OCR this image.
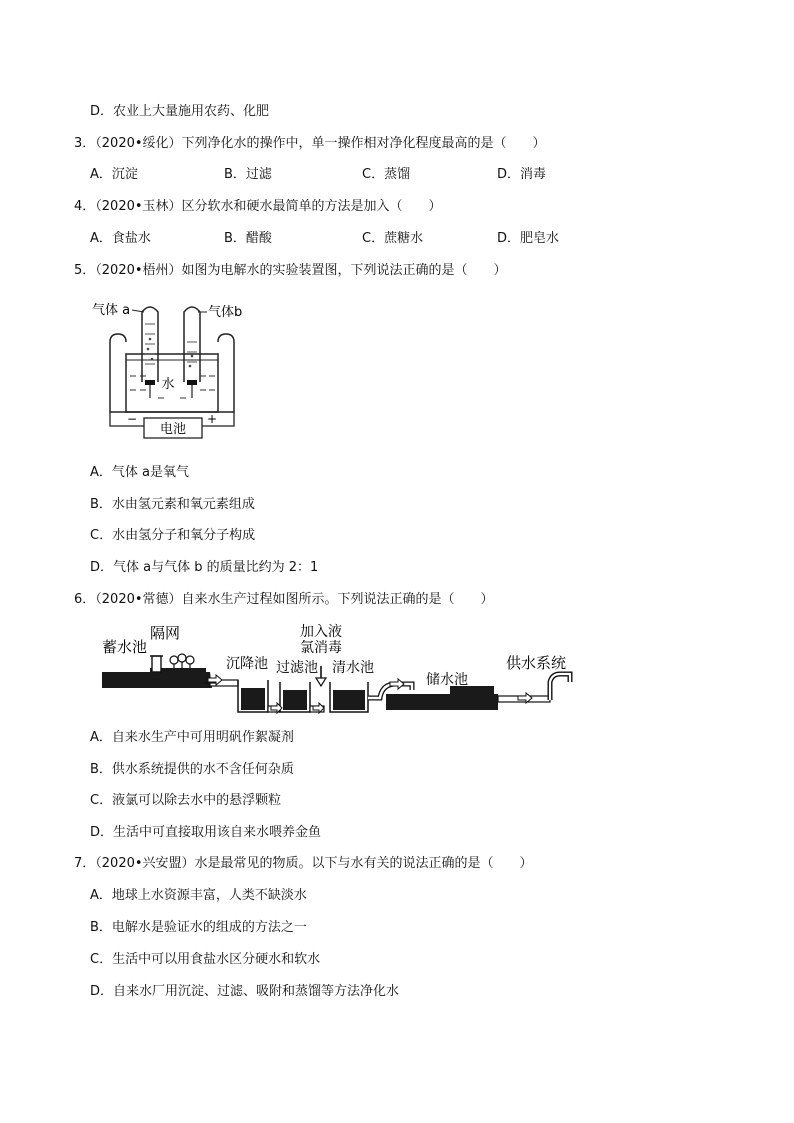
D．农业上大量施用农药、化肥
3．（2020•绥化）下列净化水的操作中，单一操作相对净化程度最高的是（　　）
A．沉淀	B．过滤	C．蒸馏	D．消毒
4．（2020•玉林）区分软水和硬水最简单的方法是加入（　　）
A．食盐水	B．醋酸	C．蔗糖水	D．肥皂水
5．（2020•梧州）如图为电解水的实验装置图，下列说法正确的是（　　）
水
电池
−	+
气体 a	气体b
A．气体 a是氧气
B．水由氢元素和氧元素组成
C．水由氢分子和氧分子构成
D．气体 a与气体 b 的质量比约为 2：1
6．（2020•常德）自来水生产过程如图所示。下列说法正确的是（　　）
蓄水池
隔网
沉降池 过滤池
加入液
氯消毒
清水池
储水池
供水系统
A．自来水生产中可用明矾作絮凝剂
B．供水系统提供的水不含任何杂质
C．液氯可以除去水中的悬浮颗粒
D．生活中可直接取用该自来水喂养金鱼
7．（2020•兴安盟）水是最常见的物质。以下与水有关的说法正确的是（　　）
A．地球上水资源丰富，人类不缺淡水
B．电解水是验证水的组成的方法之一
C．生活中可以用食盐水区分硬水和软水
D．自来水厂用沉淀、过滤、吸附和蒸馏等方法净化水
